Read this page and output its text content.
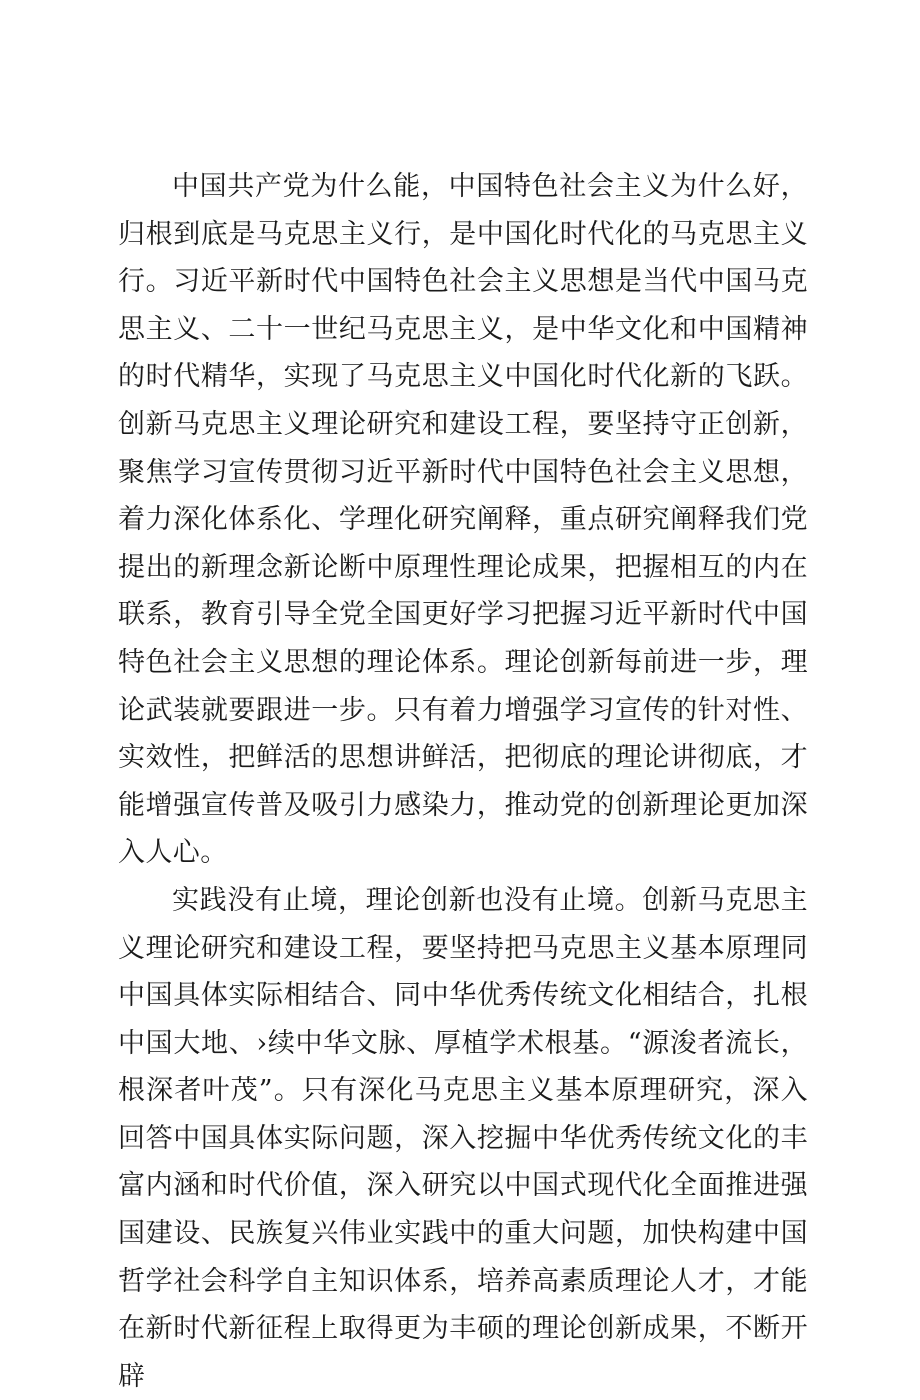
中国共产党为什么能，中国特色社会主义为什么好，归根到底是马克思主义行，是中国化时代化的马克思主义行。习近平新时代中国特色社会主义思想是当代中国马克思主义、二十一世纪马克思主义，是中华文化和中国精神的时代精华，实现了马克思主义中国化时代化新的飞跃。创新马克思主义理论研究和建设工程，要坚持守正创新，聚焦学习宣传贯彻习近平新时代中国特色社会主义思想，着力深化体系化、学理化研究阐释，重点研究阐释我们党提出的新理念新论断中原理性理论成果，把握相互的内在联系，教育引导全党全国更好学习把握习近平新时代中国特色社会主义思想的理论体系。理论创新每前进一步，理论武装就要跟进一步。只有着力增强学习宣传的针对性、实效性，把鲜活的思想讲鲜活，把彻底的理论讲彻底，才能增强宣传普及吸引力感染力，推动党的创新理论更加深入人心。

实践没有止境，理论创新也没有止境。创新马克思主义理论研究和建设工程，要坚持把马克思主义基本原理同中国具体实际相结合、同中华优秀传统文化相结合，扎根中国大地、›续中华文脉、厚植学术根基。“源浚者流长，根深者叶茂”。只有深化马克思主义基本原理研究，深入回答中国具体实际问题，深入挖掘中华优秀传统文化的丰富内涵和时代价值，深入研究以中国式现代化全面推进强国建设、民族复兴伟业实践中的重大问题，加快构建中国哲学社会科学自主知识体系，培养高素质理论人才，才能在新时代新征程上取得更为丰硕的理论创新成果，不断开辟
